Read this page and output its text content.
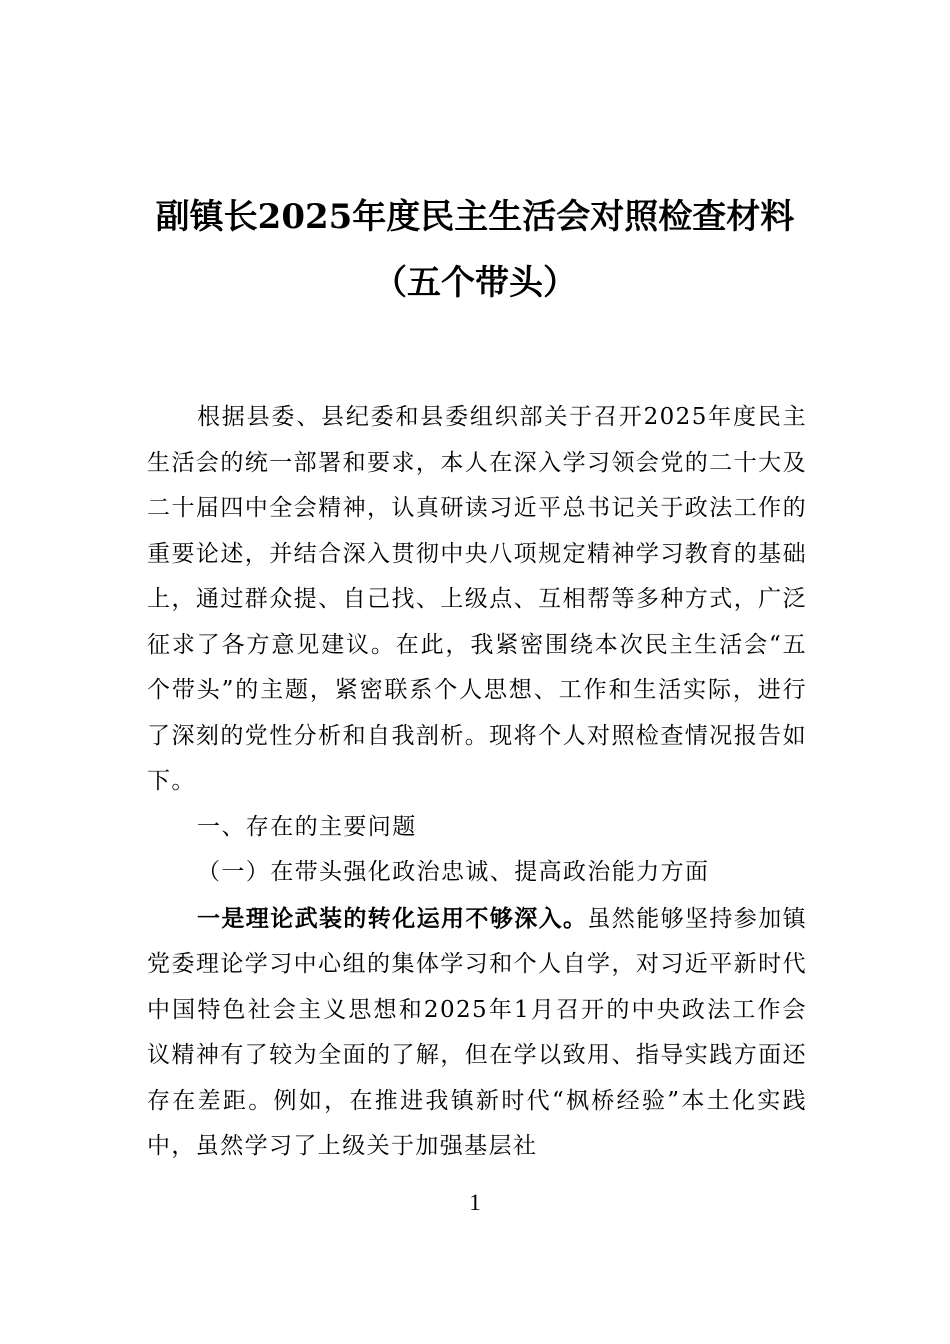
副镇长2025年度民主生活会对照检查材料
（五个带头）

根据县委、县纪委和县委组织部关于召开2025年度民主生活会的统一部署和要求，本人在深入学习领会党的二十大及二十届四中全会精神，认真研读习近平总书记关于政法工作的重要论述，并结合深入贯彻中央八项规定精神学习教育的基础上，通过群众提、自己找、上级点、互相帮等多种方式，广泛征求了各方意见建议。在此，我紧密围绕本次民主生活会“五个带头”的主题，紧密联系个人思想、工作和生活实际，进行了深刻的党性分析和自我剖析。现将个人对照检查情况报告如下。

一、存在的主要问题

（一）在带头强化政治忠诚、提高政治能力方面

一是理论武装的转化运用不够深入。虽然能够坚持参加镇党委理论学习中心组的集体学习和个人自学，对习近平新时代中国特色社会主义思想和2025年1月召开的中央政法工作会议精神有了较为全面的了解，但在学以致用、指导实践方面还存在差距。例如，在推进我镇新时代“枫桥经验”本土化实践中，虽然学习了上级关于加强基层社

1
